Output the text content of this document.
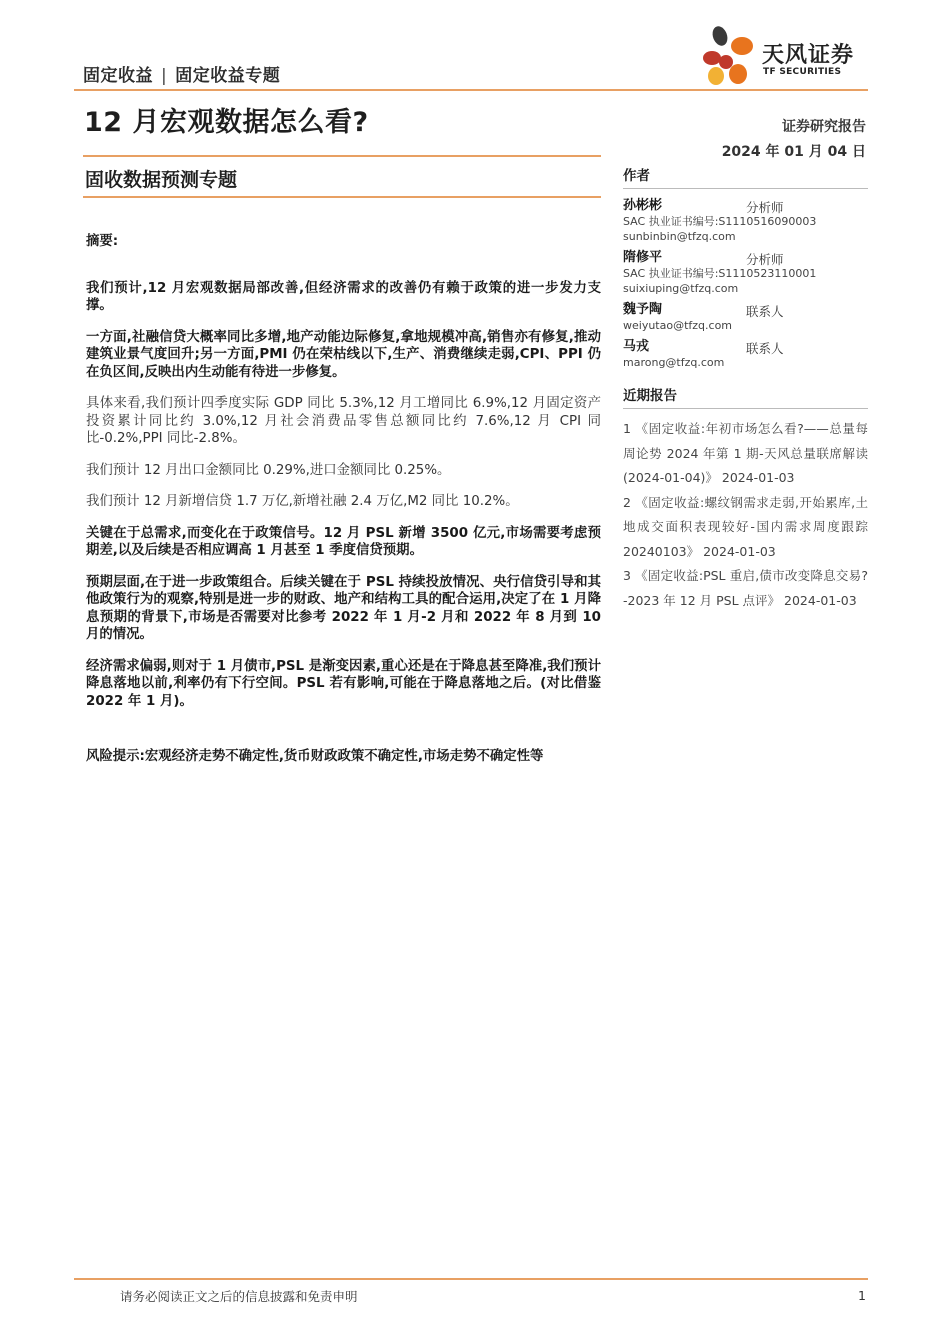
固定收益 | 固定收益专题
天风证券
TF SECURITIES
12 月宏观数据怎么看?	证券研究报告
2024 年 01 月 04 日
固收数据预测专题

摘要:

我们预计,12 月宏观数据局部改善,但经济需求的改善仍有赖于政策的进一步发力支撑。

一方面,社融信贷大概率同比多增,地产动能边际修复,拿地规模冲高,销售亦有修复,推动建筑业景气度回升;另一方面,PMI 仍在荣枯线以下,生产、消费继续走弱,CPI、PPI 仍在负区间,反映出内生动能有待进一步修复。

具体来看,我们预计四季度实际 GDP 同比 5.3%,12 月工增同比 6.9%,12 月固定资产投资累计同比约 3.0%,12 月社会消费品零售总额同比约 7.6%,12 月 CPI 同比-0.2%,PPI 同比-2.8%。

我们预计 12 月出口金额同比 0.29%,进口金额同比 0.25%。

我们预计 12 月新增信贷 1.7 万亿,新增社融 2.4 万亿,M2 同比 10.2%。

关键在于总需求,而变化在于政策信号。12 月 PSL 新增 3500 亿元,市场需要考虑预期差,以及后续是否相应调高 1 月甚至 1 季度信贷预期。

预期层面,在于进一步政策组合。后续关键在于 PSL 持续投放情况、央行信贷引导和其他政策行为的观察,特别是进一步的财政、地产和结构工具的配合运用,决定了在 1 月降息预期的背景下,市场是否需要对比参考 2022 年 1 月-2 月和 2022 年 8 月到 10 月的情况。

经济需求偏弱,则对于 1 月债市,PSL 是渐变因素,重心还是在于降息甚至降准,我们预计降息落地以前,利率仍有下行空间。PSL 若有影响,可能在于降息落地之后。(对比借鉴 2022 年 1 月)。

风险提示:宏观经济走势不确定性,货币财政政策不确定性,市场走势不确定性等

作者
孙彬彬	分析师
SAC 执业证书编号:S1110516090003
sunbinbin@tfzq.com
隋修平	分析师
SAC 执业证书编号:S1110523110001
suixiuping@tfzq.com
魏予陶	联系人
weiyutao@tfzq.com
马戎	联系人
marong@tfzq.com
近期报告
1 《固定收益:年初市场怎么看?——总量每周论势 2024 年第 1 期-天风总量联席解读(2024-01-04)》 2024-01-03
2 《固定收益:螺纹钢需求走弱,开始累库,土地成交面积表现较好-国内需求周度跟踪 20240103》 2024-01-03
3 《固定收益:PSL 重启,债市改变降息交易?-2023 年 12 月 PSL 点评》 2024-01-03
请务必阅读正文之后的信息披露和免责申明	1
